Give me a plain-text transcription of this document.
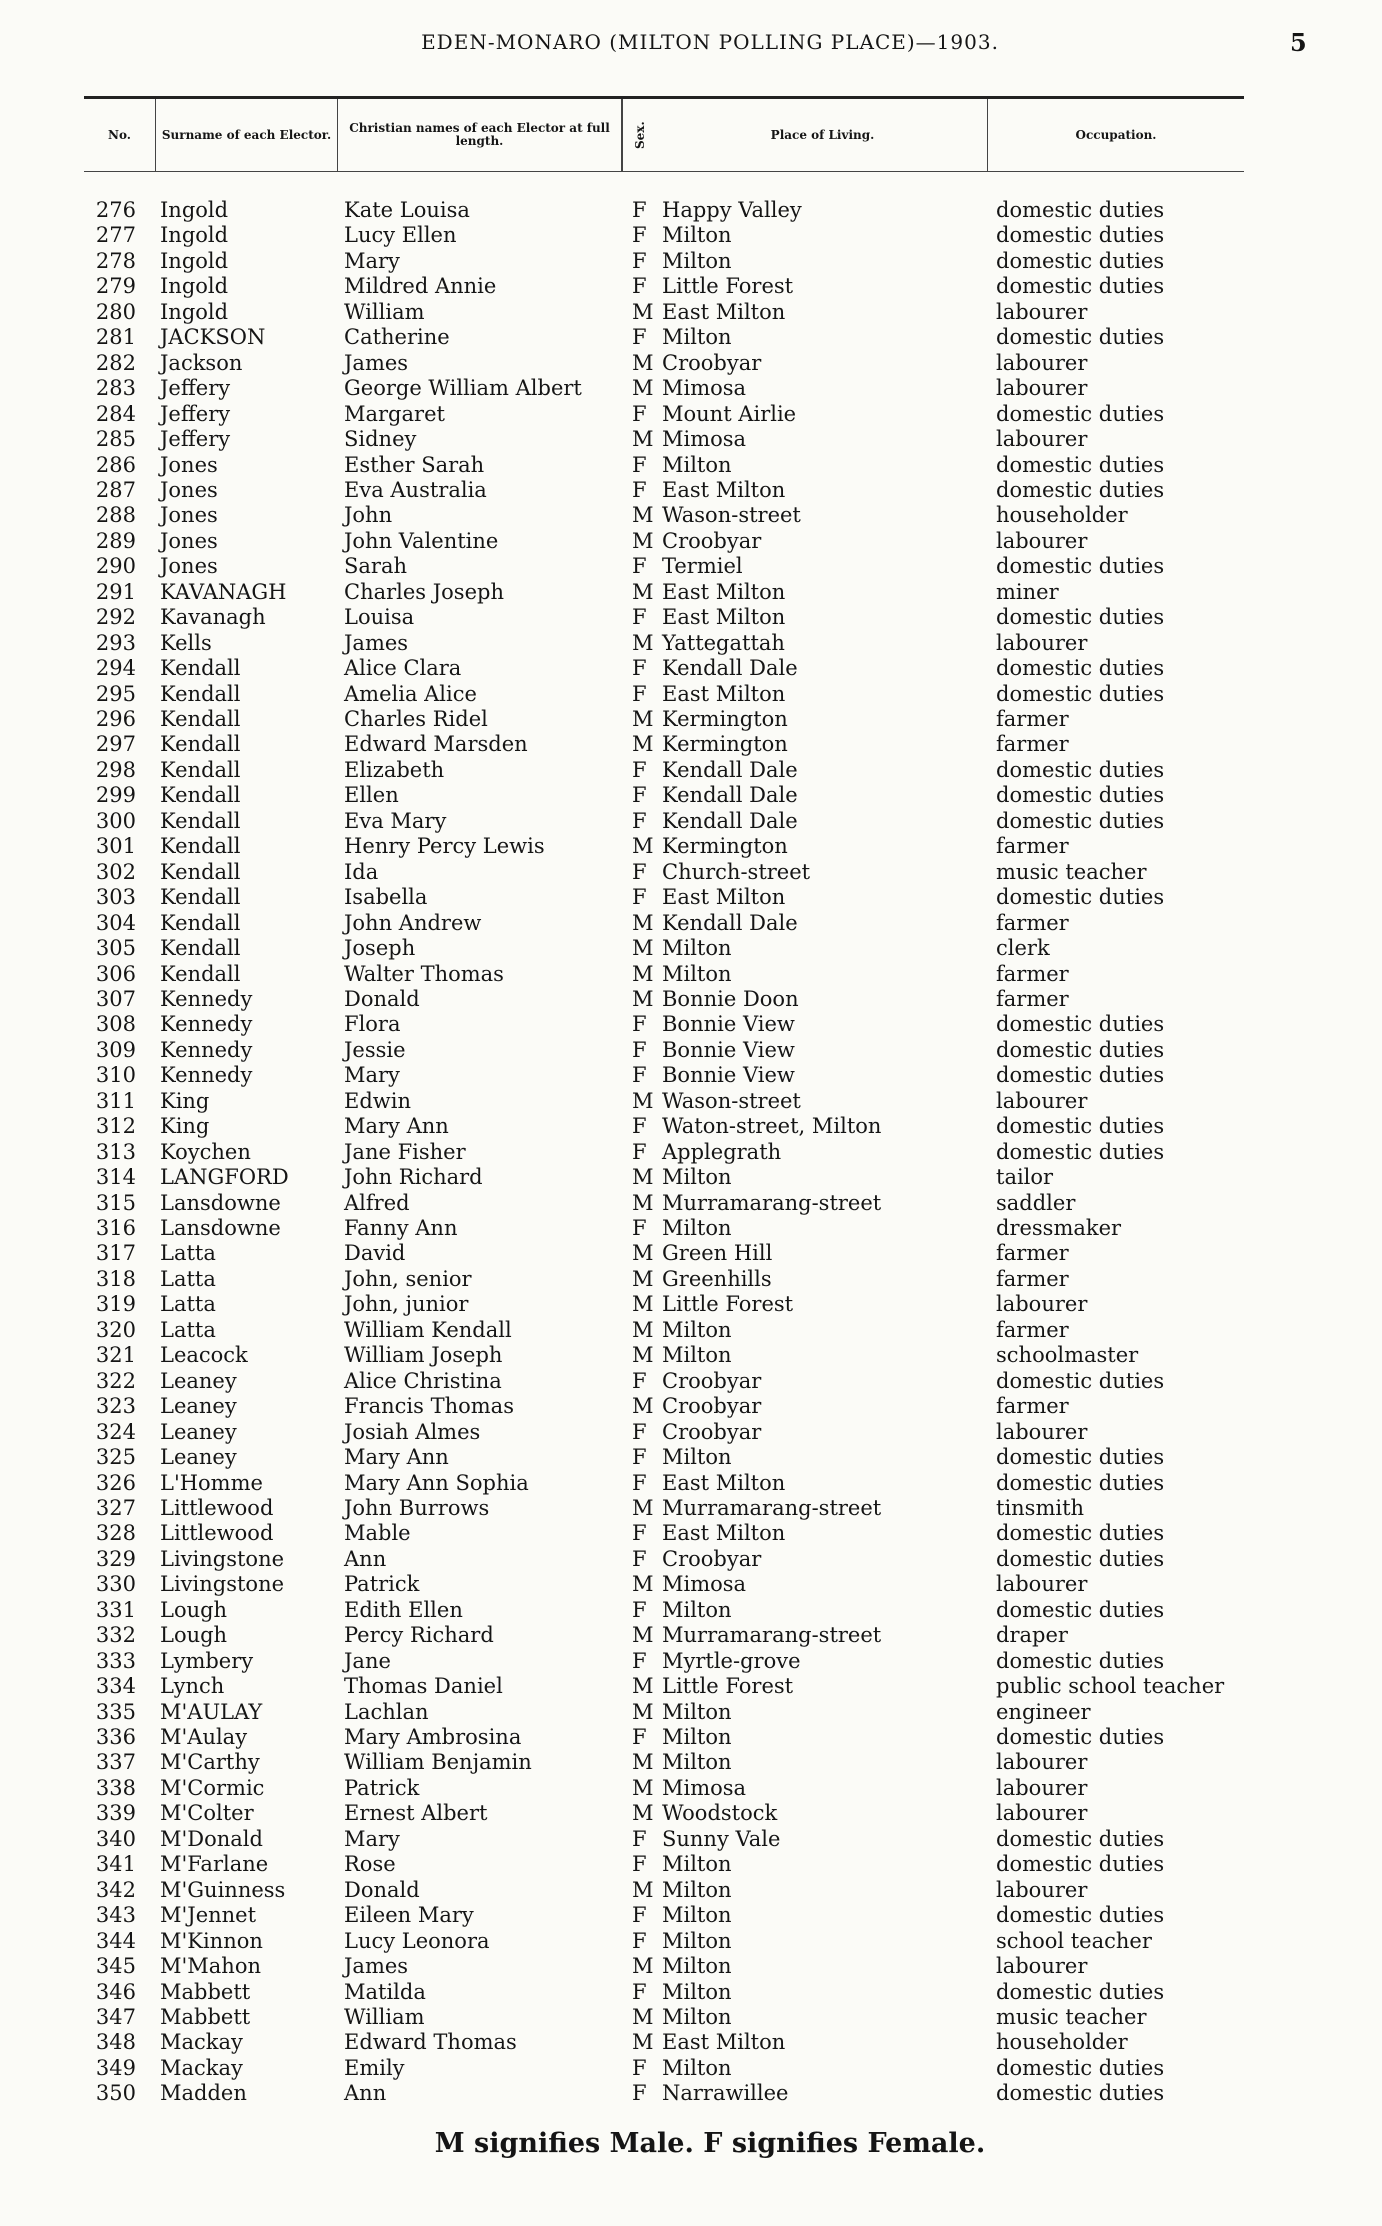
EDEN-MONARO (MILTON POLLING PLACE)—1903.	5
No.	Surname of each Elector.	Christian names of each Elector at full length.	Sex.	Place of Living.	Occupation.
276 Ingold	Kate Louisa	F Happy Valley	domestic duties
277 Ingold	Lucy Ellen	F Milton	domestic duties
278 Ingold	Mary	F Milton	domestic duties
279 Ingold	Mildred Annie	F Little Forest	domestic duties
280 Ingold	William	M East Milton	labourer
281 JACKSON	Catherine	F Milton	domestic duties
282 Jackson	James	M Croobyar	labourer
283 Jeffery	George William Albert M Mimosa	labourer
284 Jeffery	Margaret	F Mount Airlie	domestic duties
285 Jeffery	Sidney	M Mimosa	labourer
286 Jones	Esther Sarah	F Milton	domestic duties
287 Jones	Eva Australia	F East Milton	domestic duties
288 Jones	John	M Wason-street	householder
289 Jones	John Valentine	M Croobyar	labourer
290 Jones	Sarah	F Termiel	domestic duties
291 KAVANAGH	Charles Joseph	M East Milton	miner
292 Kavanagh	Louisa	F East Milton	domestic duties
293 Kells	James	M Yattegattah	labourer
294 Kendall	Alice Clara	F Kendall Dale	domestic duties
295 Kendall	Amelia Alice	F East Milton	domestic duties
296 Kendall	Charles Ridel	M Kermington	farmer
297 Kendall	Edward Marsden	M Kermington	farmer
298 Kendall	Elizabeth	F Kendall Dale	domestic duties
299 Kendall	Ellen	F Kendall Dale	domestic duties
300 Kendall	Eva Mary	F Kendall Dale	domestic duties
301 Kendall	Henry Percy Lewis	M Kermington	farmer
302 Kendall	Ida	F Church-street	music teacher
303 Kendall	Isabella	F East Milton	domestic duties
304 Kendall	John Andrew	M Kendall Dale	farmer
305 Kendall	Joseph	M Milton	clerk
306 Kendall	Walter Thomas	M Milton	farmer
307 Kennedy	Donald	M Bonnie Doon	farmer
308 Kennedy	Flora	F Bonnie View	domestic duties
309 Kennedy	Jessie	F Bonnie View	domestic duties
310 Kennedy	Mary	F Bonnie View	domestic duties
311 King	Edwin	M Wason-street	labourer
312 King	Mary Ann	F Waton-street, Milton	domestic duties
313 Koychen	Jane Fisher	F Applegrath	domestic duties
314 LANGFORD	John Richard	M Milton	tailor
315 Lansdowne	Alfred	M Murramarang-street	saddler
316 Lansdowne	Fanny Ann	F Milton	dressmaker
317 Latta	David	M Green Hill	farmer
318 Latta	John, senior	M Greenhills	farmer
319 Latta	John, junior	M Little Forest	labourer
320 Latta	William Kendall	M Milton	farmer
321 Leacock	William Joseph	M Milton	schoolmaster
322 Leaney	Alice Christina	F Croobyar	domestic duties
323 Leaney	Francis Thomas	M Croobyar	farmer
324 Leaney	Josiah Almes	F Croobyar	labourer
325 Leaney	Mary Ann	F Milton	domestic duties
326 L'Homme	Mary Ann Sophia	F East Milton	domestic duties
327 Littlewood	John Burrows	M Murramarang-street	tinsmith
328 Littlewood	Mable	F East Milton	domestic duties
329 Livingstone	Ann	F Croobyar	domestic duties
330 Livingstone	Patrick	M Mimosa	labourer
331 Lough	Edith Ellen	F Milton	domestic duties
332 Lough	Percy Richard	M Murramarang-street	draper
333 Lymbery	Jane	F Myrtle-grove	domestic duties
334 Lynch	Thomas Daniel	M Little Forest	public school teacher
335 M'AULAY	Lachlan	M Milton	engineer
336 M'Aulay	Mary Ambrosina	F Milton	domestic duties
337 M'Carthy	William Benjamin	M Milton	labourer
338 M'Cormic	Patrick	M Mimosa	labourer
339 M'Colter	Ernest Albert	M Woodstock	labourer
340 M'Donald	Mary	F Sunny Vale	domestic duties
341 M'Farlane	Rose	F Milton	domestic duties
342 M'Guinness	Donald	M Milton	labourer
343 M'Jennet	Eileen Mary	F Milton	domestic duties
344 M'Kinnon	Lucy Leonora	F Milton	school teacher
345 M'Mahon	James	M Milton	labourer
346 Mabbett	Matilda	F Milton	domestic duties
347 Mabbett	William	M Milton	music teacher
348 Mackay	Edward Thomas	M East Milton	householder
349 Mackay	Emily	F Milton	domestic duties
350 Madden	Ann	F Narrawillee	domestic duties
M signifies Male. F signifies Female.
